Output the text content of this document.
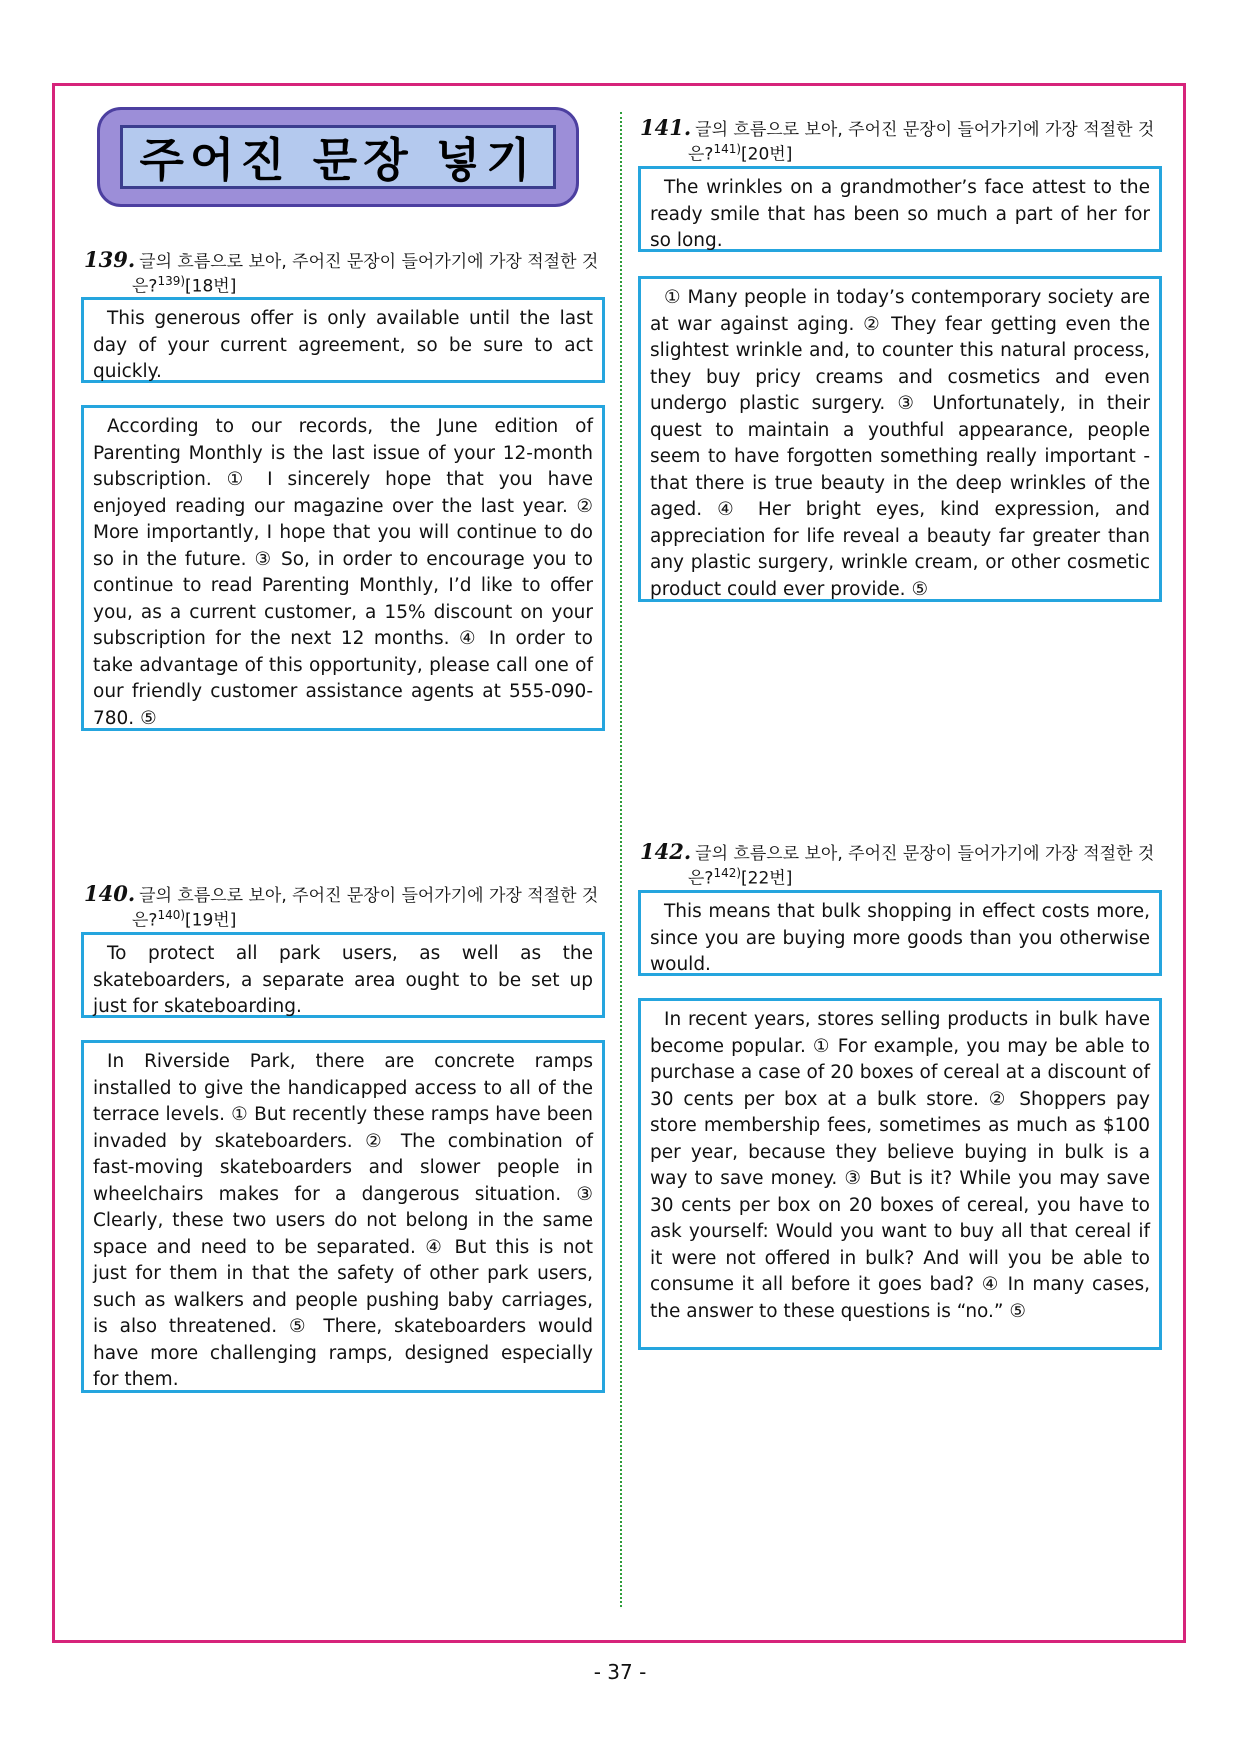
주어진 문장 넣기
139. 글의 흐름으로 보아, 주어진 문장이 들어가기에 가장 적절한 것
은?$^{139)}$[18번]

This generous offer is only available until the last day of your current agreement, so be sure to act quickly.

According to our records, the June edition of Parenting Monthly is the last issue of your 12-month subscription. ① I sincerely hope that you have enjoyed reading our magazine over the last year. ② More importantly, I hope that you will continue to do so in the future. ③ So, in order to encourage you to continue to read Parenting Monthly, I’d like to offer you, as a current customer, a 15% discount on your subscription for the next 12 months. ④ In order to take advantage of this opportunity, please call one of our friendly customer assistance agents at 555-090-780. ⑤

140. 글의 흐름으로 보아, 주어진 문장이 들어가기에 가장 적절한 것
은?$^{140)}$[19번]

To protect all park users, as well as the skateboarders, a separate area ought to be set up just for skateboarding.

In Riverside Park, there are concrete ramps installed to give the handicapped access to all of the terrace levels. ① But recently these ramps have been invaded by skateboarders. ② The combination of fast-moving skateboarders and slower people in wheelchairs makes for a dangerous situation. ③ Clearly, these two users do not belong in the same space and need to be separated. ④ But this is not just for them in that the safety of other park users, such as walkers and people pushing baby carriages, is also threatened. ⑤ There, skateboarders would have more challenging ramps, designed especially for them.

141. 글의 흐름으로 보아, 주어진 문장이 들어가기에 가장 적절한 것
은?$^{141)}$[20번]

The wrinkles on a grandmother’s face attest to the ready smile that has been so much a part of her for so long.

① Many people in today’s contemporary society are at war against aging. ② They fear getting even the slightest wrinkle and, to counter this natural process, they buy pricy creams and cosmetics and even undergo plastic surgery. ③ Unfortunately, in their quest to maintain a youthful appearance, people seem to have forgotten something really important - that there is true beauty in the deep wrinkles of the aged. ④ Her bright eyes, kind expression, and appreciation for life reveal a beauty far greater than any plastic surgery, wrinkle cream, or other cosmetic product could ever provide. ⑤

142. 글의 흐름으로 보아, 주어진 문장이 들어가기에 가장 적절한 것
은?$^{142)}$[22번]

This means that bulk shopping in effect costs more, since you are buying more goods than you otherwise would.

In recent years, stores selling products in bulk have become popular. ① For example, you may be able to purchase a case of 20 boxes of cereal at a discount of 30 cents per box at a bulk store. ② Shoppers pay store membership fees, sometimes as much as $100 per year, because they believe buying in bulk is a way to save money. ③ But is it? While you may save 30 cents per box on 20 boxes of cereal, you have to ask yourself: Would you want to buy all that cereal if it were not offered in bulk? And will you be able to consume it all before it goes bad? ④ In many cases, the answer to these questions is “no.” ⑤

- 37 -
